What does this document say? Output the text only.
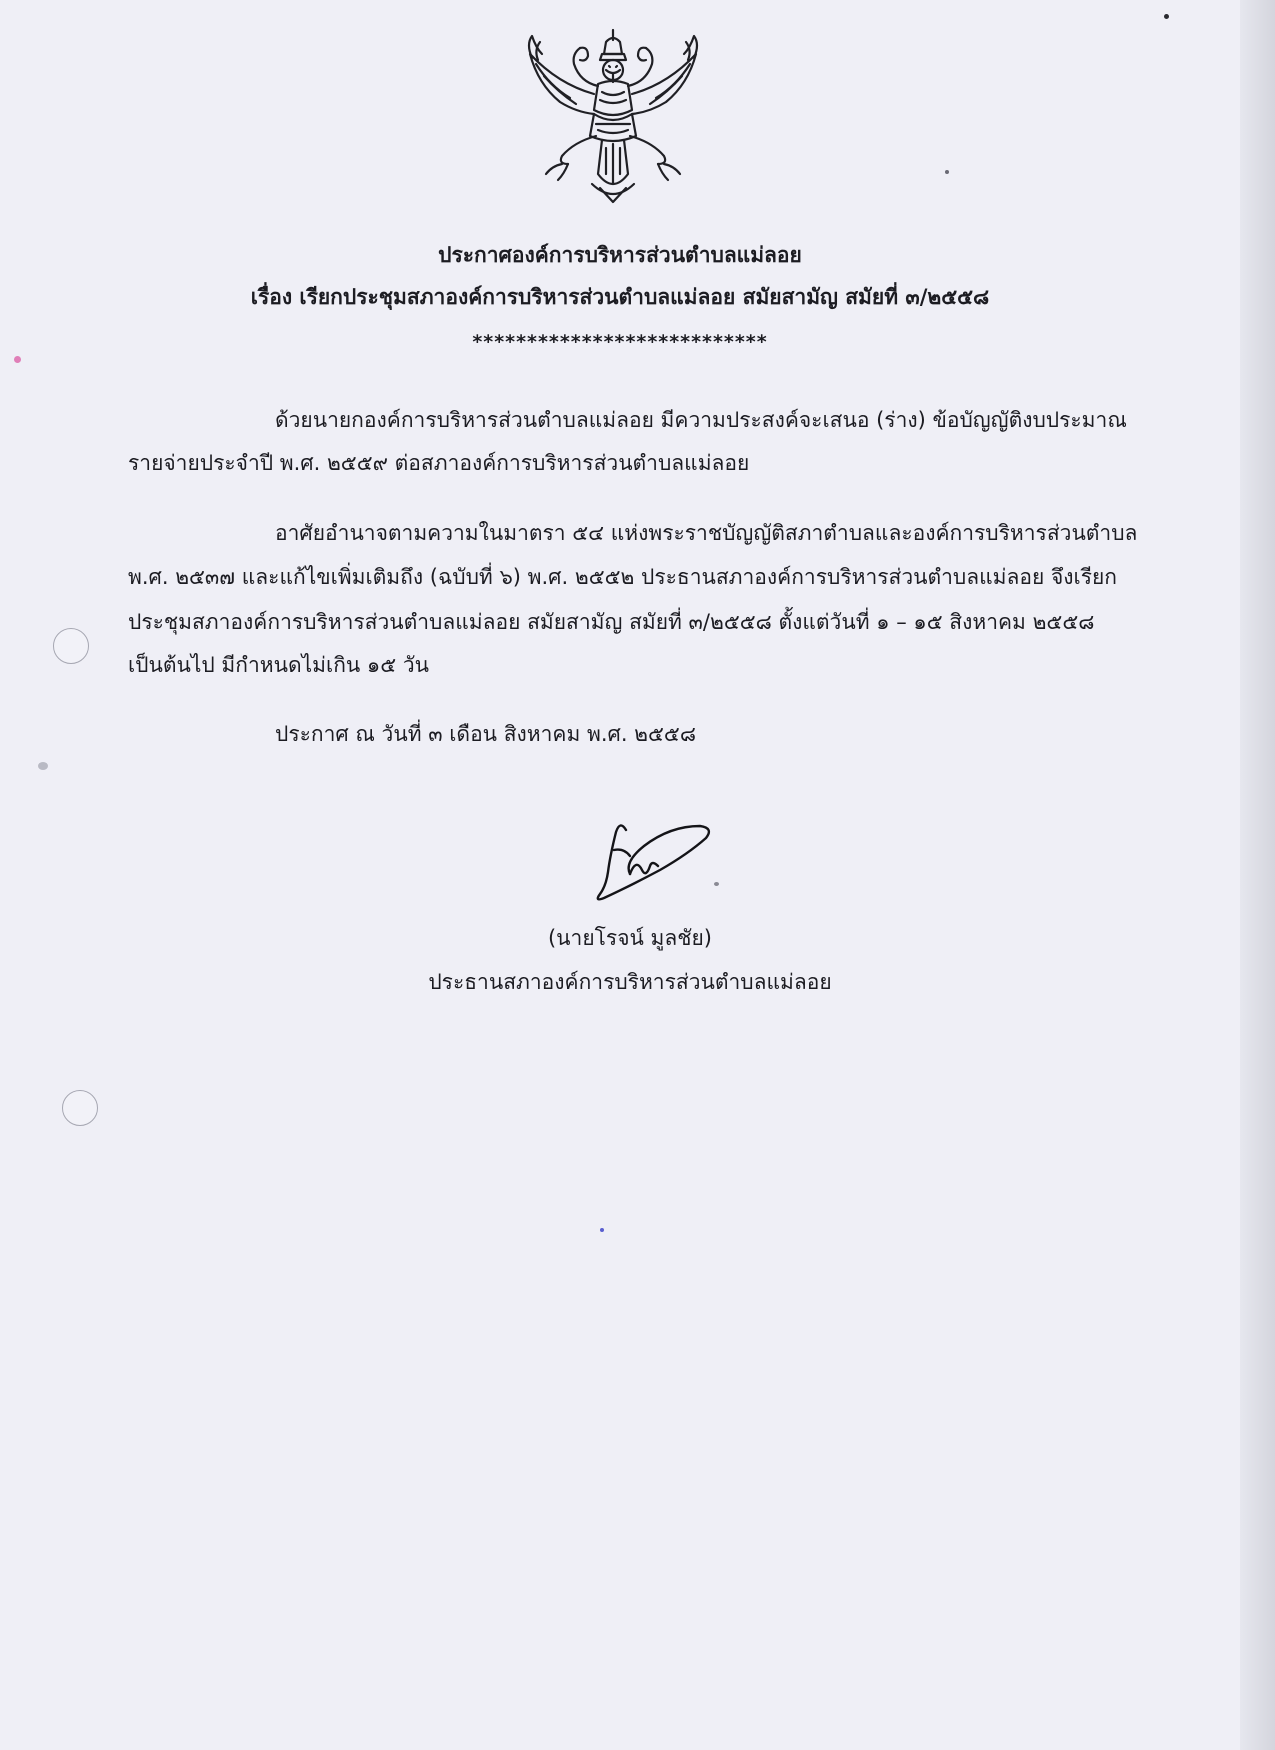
ประกาศองค์การบริหารส่วนตำบลแม่ลอย
เรื่อง เรียกประชุมสภาองค์การบริหารส่วนตำบลแม่ลอย สมัยสามัญ สมัยที่ ๓/๒๕๕๘
***************************
ด้วยนายกองค์การบริหารส่วนตำบลแม่ลอย มีความประสงค์จะเสนอ (ร่าง) ข้อบัญญัติงบประมาณ
รายจ่ายประจำปี พ.ศ. ๒๕๕๙ ต่อสภาองค์การบริหารส่วนตำบลแม่ลอย
อาศัยอำนาจตามความในมาตรา ๕๔ แห่งพระราชบัญญัติสภาตำบลและองค์การบริหารส่วนตำบล
พ.ศ. ๒๕๓๗ และแก้ไขเพิ่มเติมถึง (ฉบับที่ ๖) พ.ศ. ๒๕๕๒ ประธานสภาองค์การบริหารส่วนตำบลแม่ลอย จึงเรียก
ประชุมสภาองค์การบริหารส่วนตำบลแม่ลอย สมัยสามัญ สมัยที่ ๓/๒๕๕๘ ตั้งแต่วันที่ ๑ – ๑๕ สิงหาคม ๒๕๕๘
เป็นต้นไป มีกำหนดไม่เกิน ๑๕ วัน
ประกาศ ณ วันที่ ๓ เดือน สิงหาคม พ.ศ. ๒๕๕๘
(นายโรจน์ มูลชัย)
ประธานสภาองค์การบริหารส่วนตำบลแม่ลอย
